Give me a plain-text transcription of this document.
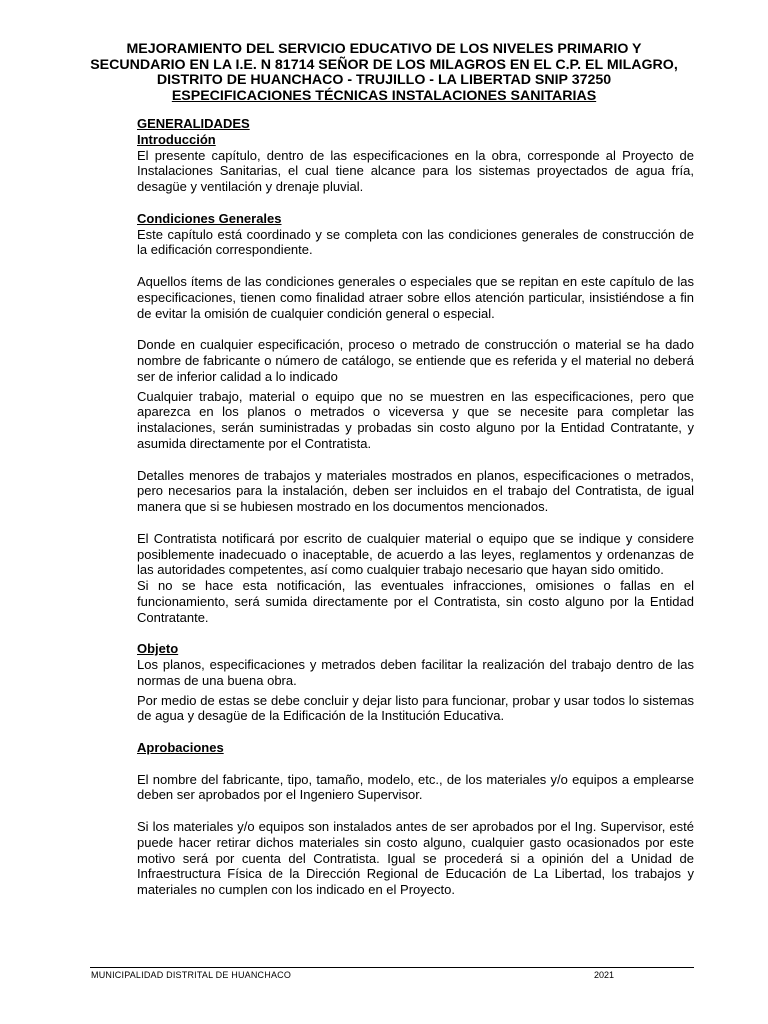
MEJORAMIENTO DEL SERVICIO EDUCATIVO DE LOS NIVELES PRIMARIO Y
SECUNDARIO EN LA I.E. N 81714 SEÑOR DE LOS MILAGROS EN EL C.P. EL MILAGRO,
DISTRITO DE HUANCHACO - TRUJILLO - LA LIBERTAD SNIP 37250
ESPECIFICACIONES TÉCNICAS INSTALACIONES SANITARIAS

GENERALIDADES

Introducción

El presente capítulo, dentro de las especificaciones en la obra, corresponde al Proyecto de Instalaciones Sanitarias, el cual tiene alcance para los sistemas proyectados de agua fría, desagüe y ventilación y drenaje pluvial.

Condiciones Generales

Este capítulo está coordinado y se completa con las condiciones generales de construcción de la edificación correspondiente.

Aquellos ítems de las condiciones generales o especiales que se repitan en este capítulo de las especificaciones, tienen como finalidad atraer sobre ellos atención particular, insistiéndose a fin de evitar la omisión de cualquier condición general o especial.

Donde en cualquier especificación, proceso o metrado de construcción o material se ha dado nombre de fabricante o número de catálogo, se entiende que es referida y el material no deberá ser de inferior calidad a lo indicado

Cualquier trabajo, material o equipo que no se muestren en las especificaciones, pero que aparezca en los planos o metrados o viceversa y que se necesite para completar las instalaciones, serán suministradas y probadas sin costo alguno por la Entidad Contratante, y asumida directamente por el Contratista.

Detalles menores de trabajos y materiales mostrados en planos, especificaciones o metrados, pero necesarios para la instalación, deben ser incluidos en el trabajo del Contratista, de igual manera que si se hubiesen mostrado en los documentos mencionados.

El Contratista notificará por escrito de cualquier material o equipo que se indique y considere posiblemente inadecuado o inaceptable, de acuerdo a las leyes, reglamentos y ordenanzas de las autoridades competentes, así como cualquier trabajo necesario que hayan sido omitido.

Si no se hace esta notificación, las eventuales infracciones, omisiones o fallas en el funcionamiento, será sumida directamente por el Contratista, sin costo alguno por la Entidad Contratante.

Objeto

Los planos, especificaciones y metrados deben facilitar la realización del trabajo dentro de las normas de una buena obra.

Por medio de estas se debe concluir y dejar listo para funcionar, probar y usar todos lo sistemas de agua y desagüe de la Edificación de la Institución Educativa.

Aprobaciones

El nombre del fabricante, tipo, tamaño, modelo, etc., de los materiales y/o equipos a emplearse deben ser aprobados por el Ingeniero Supervisor.

Si los materiales y/o equipos son instalados antes de ser aprobados por el Ing. Supervisor, esté puede hacer retirar dichos materiales sin costo alguno, cualquier gasto ocasionados por este motivo será por cuenta del Contratista. Igual se procederá si a opinión del a Unidad de Infraestructura Física de la Dirección Regional de Educación de La Libertad, los trabajos y materiales no cumplen con los indicado en el Proyecto.

MUNICIPALIDAD DISTRITAL DE HUANCHACO	2021
